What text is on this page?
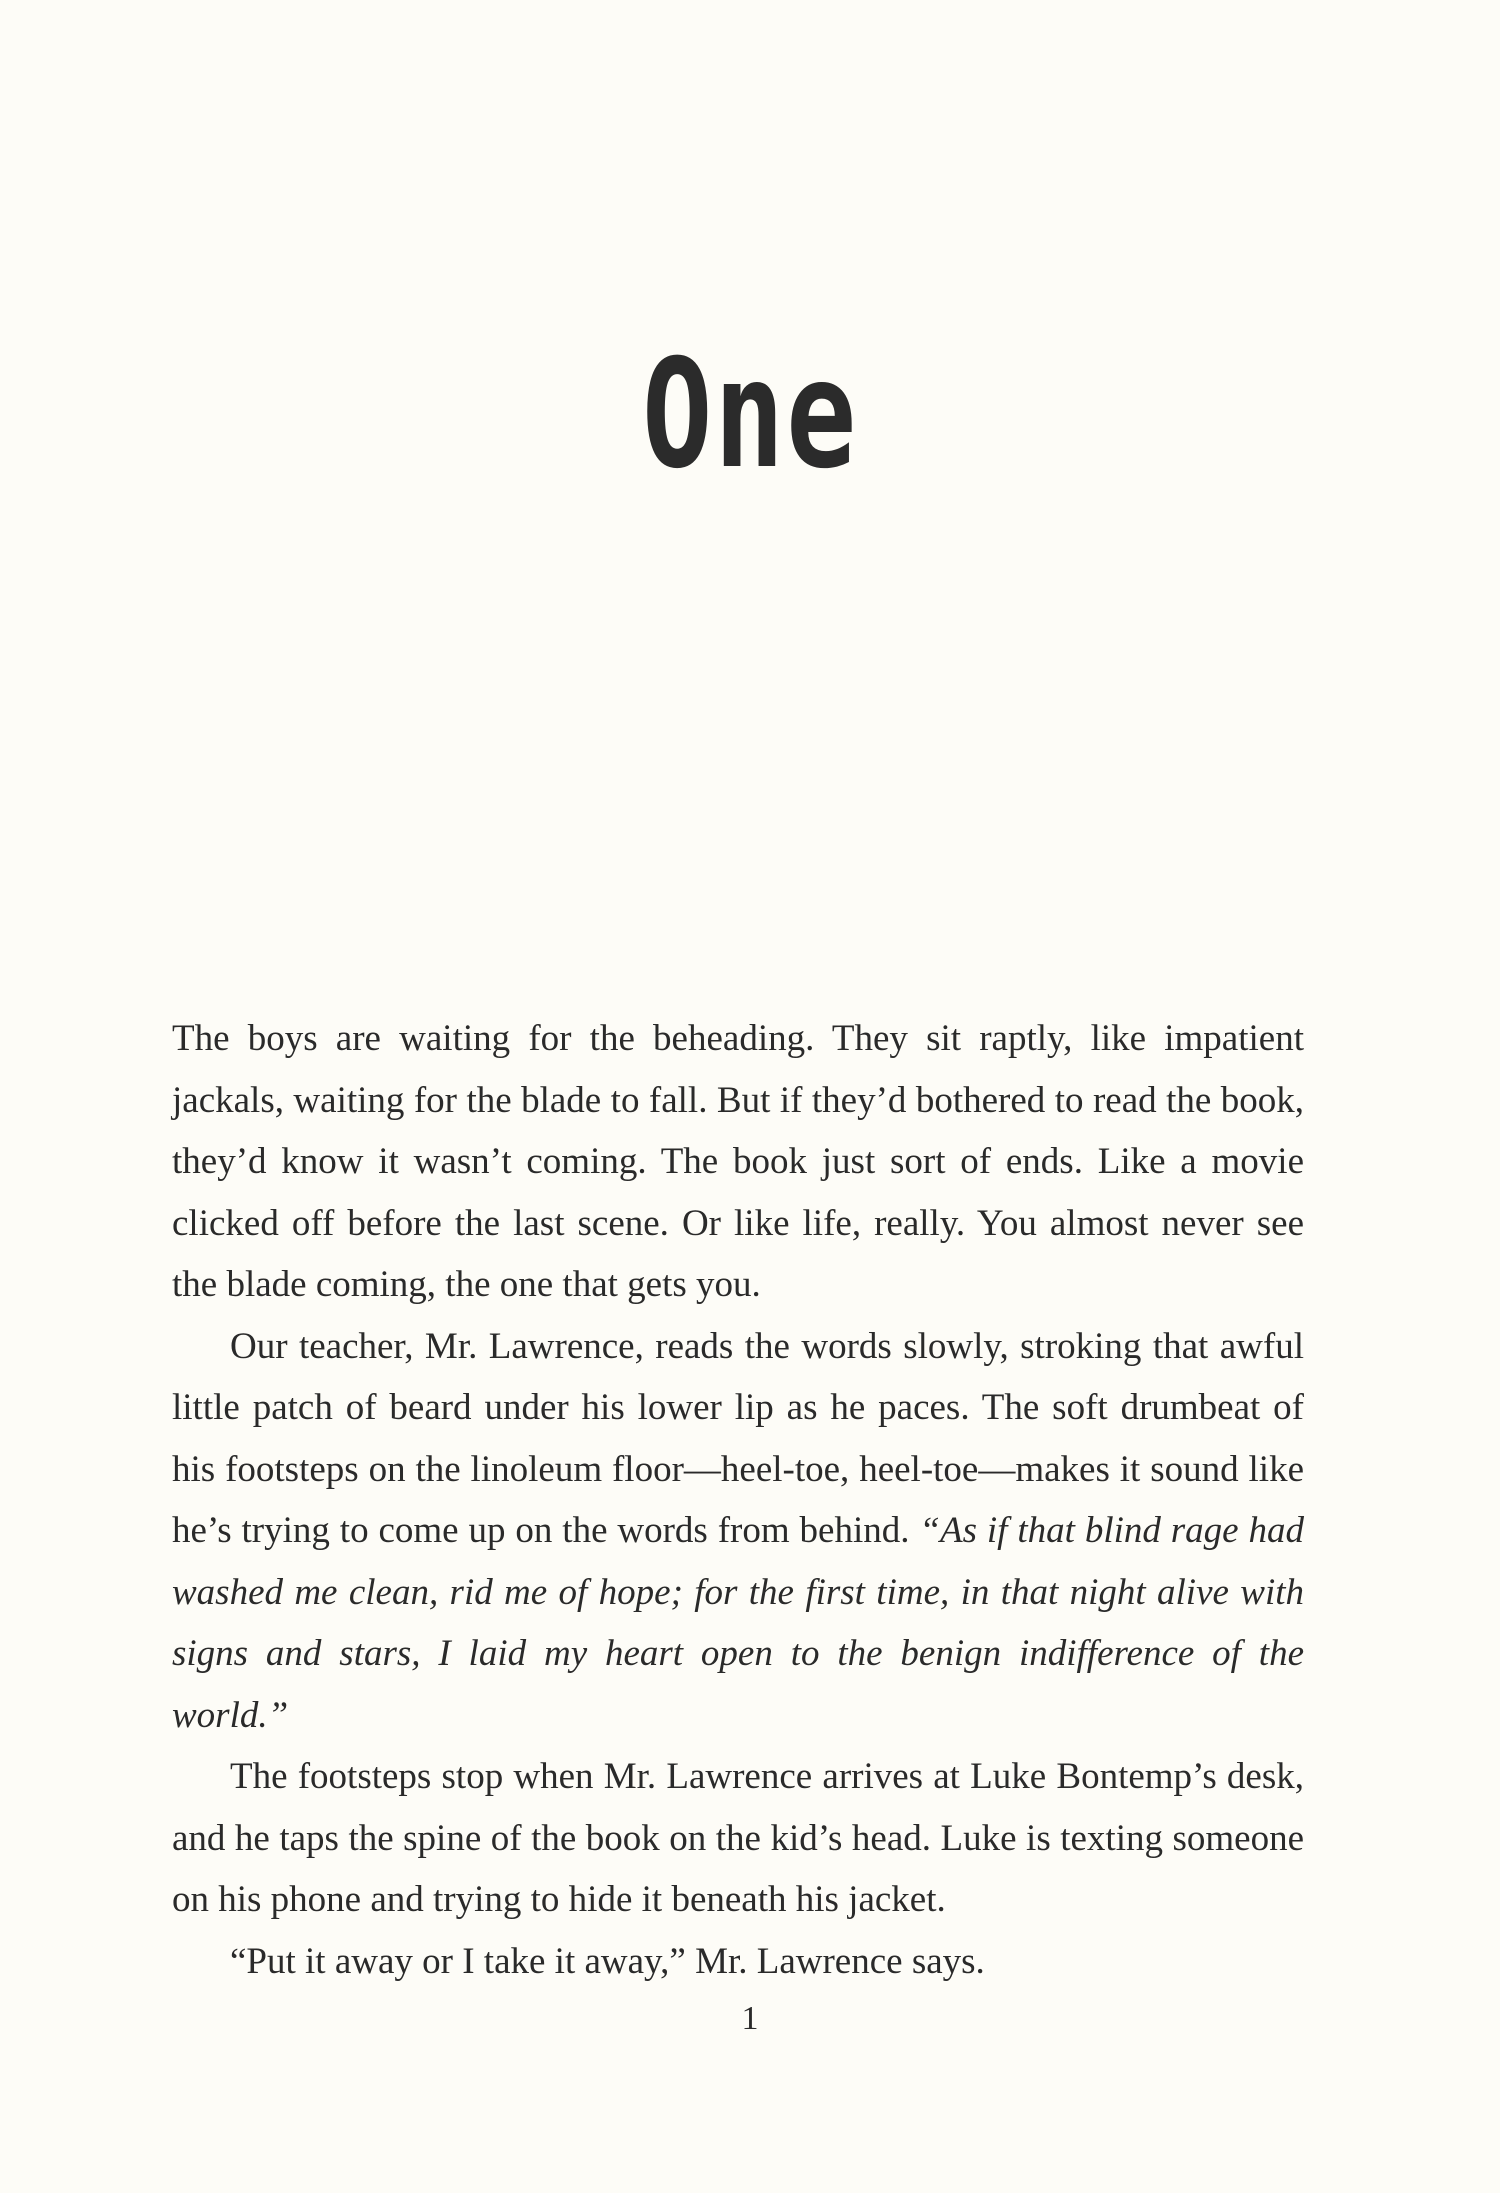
One

The boys are waiting for the beheading. They sit raptly, like impatient jackals, waiting for the blade to fall. But if they’d bothered to read the book, they’d know it wasn’t coming. The book just sort of ends. Like a movie clicked off before the last scene. Or like life, really. You almost never see the blade coming, the one that gets you.

Our teacher, Mr. Lawrence, reads the words slowly, stroking that awful little patch of beard under his lower lip as he paces. The soft drumbeat of his footsteps on the linoleum floor—heel-toe, heel-toe—makes it sound like he’s trying to come up on the words from behind. “As if that blind rage had washed me clean, rid me of hope; for the first time, in that night alive with signs and stars, I laid my heart open to the benign indifference of the world.”

The footsteps stop when Mr. Lawrence arrives at Luke Bontemp’s desk, and he taps the spine of the book on the kid’s head. Luke is texting someone on his phone and trying to hide it beneath his jacket.

“Put it away or I take it away,” Mr. Lawrence says.

1
